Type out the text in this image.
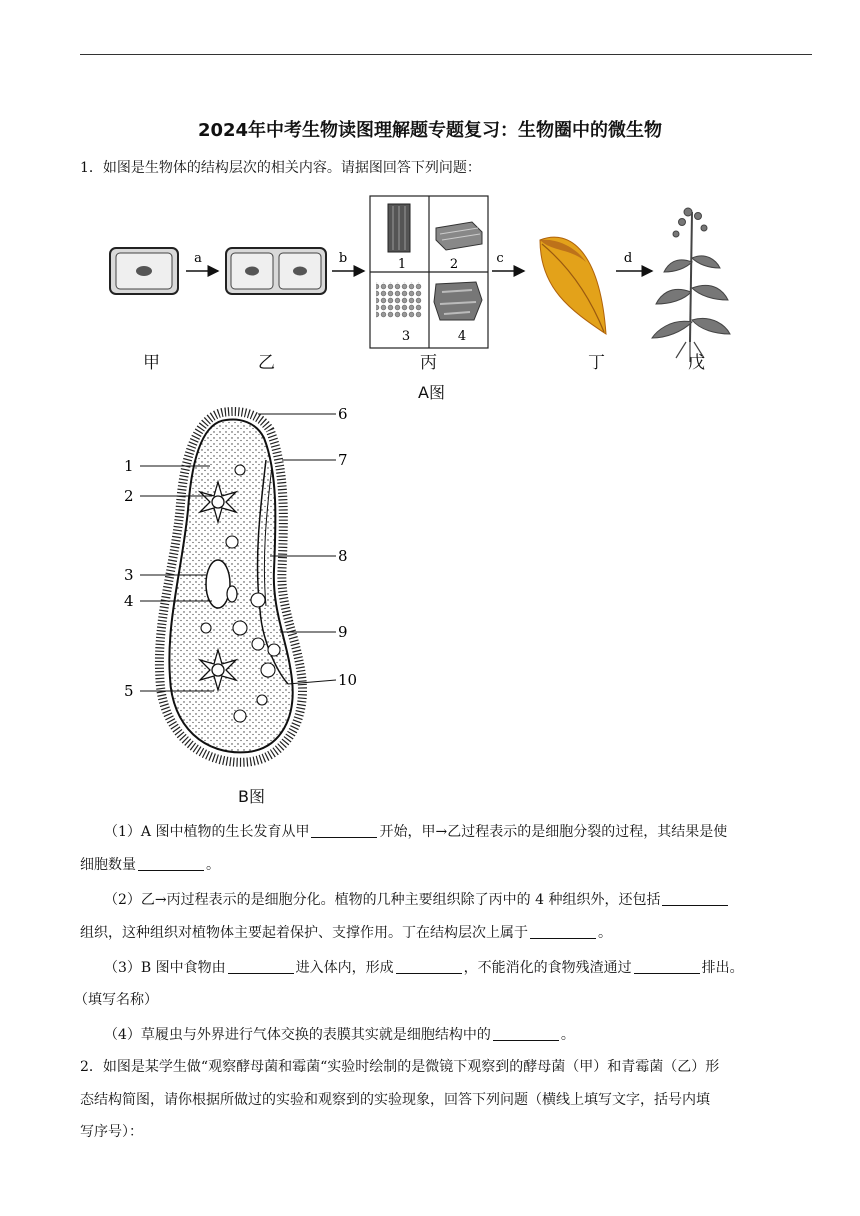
2024年中考生物读图理解题专题复习：生物圈中的微生物
1．如图是生物体的结构层次的相关内容。请据图回答下列问题：
1	2
3	4
a	b	c	d
甲	乙	丙	丁	戊
A图
1
2
3
4
5
6
7
8
9
10
B图
（1）A 图中植物的生长发育从甲	开始，甲→乙过程表示的是细胞分裂的过程，其结果是使
细胞数量	。
（2）乙→丙过程表示的是细胞分化。植物的几种主要组织除了丙中的 4 种组织外，还包括
组织，这种组织对植物体主要起着保护、支撑作用。丁在结构层次上属于	。
（3）B 图中食物由	进入体内，形成	，不能消化的食物残渣通过	排出。
（填写名称）
（4）草履虫与外界进行气体交换的表膜其实就是细胞结构中的	。
2．如图是某学生做“观察酵母菌和霉菌“实验时绘制的是微镜下观察到的酵母菌（甲）和青霉菌（乙）形
态结构简图，请你根据所做过的实验和观察到的实验现象，回答下列问题（横线上填写文字，括号内填
写序号）：
